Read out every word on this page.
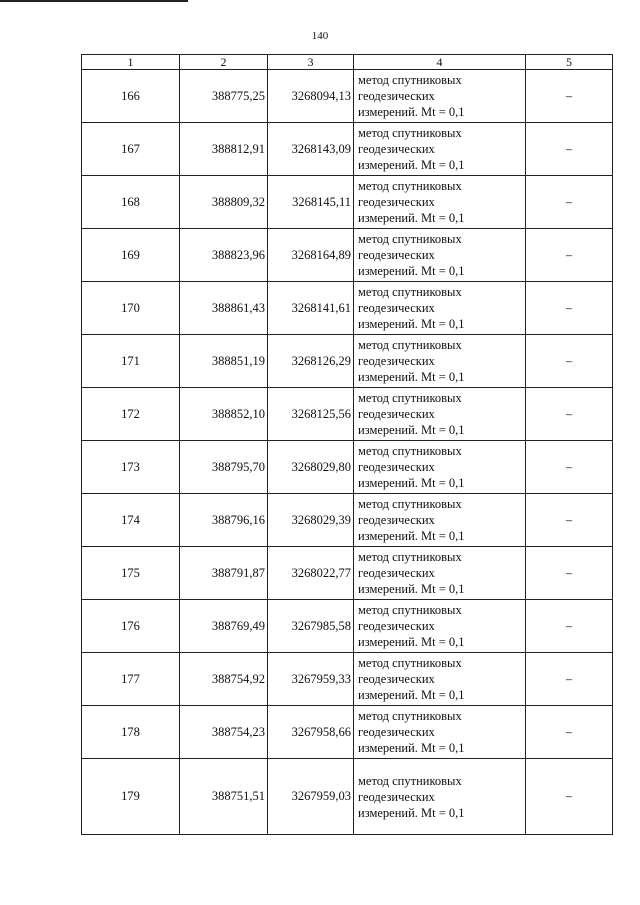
140
1	2	3	4	5
166	388775,25	3268094,13	метод спутниковых
геодезических
измерений. Mt = 0,1	–
167	388812,91	3268143,09	метод спутниковых
геодезических
измерений. Mt = 0,1	–
168	388809,32	3268145,11	метод спутниковых
геодезических
измерений. Mt = 0,1	–
169	388823,96	3268164,89	метод спутниковых
геодезических
измерений. Mt = 0,1	–
170	388861,43	3268141,61	метод спутниковых
геодезических
измерений. Mt = 0,1	–
171	388851,19	3268126,29	метод спутниковых
геодезических
измерений. Mt = 0,1	–
172	388852,10	3268125,56	метод спутниковых
геодезических
измерений. Mt = 0,1	–
173	388795,70	3268029,80	метод спутниковых
геодезических
измерений. Mt = 0,1	–
174	388796,16	3268029,39	метод спутниковых
геодезических
измерений. Mt = 0,1	–
175	388791,87	3268022,77	метод спутниковых
геодезических
измерений. Mt = 0,1	–
176	388769,49	3267985,58	метод спутниковых
геодезических
измерений. Mt = 0,1	–
177	388754,92	3267959,33	метод спутниковых
геодезических
измерений. Mt = 0,1	–
178	388754,23	3267958,66	метод спутниковых
геодезических
измерений. Mt = 0,1	–
179	388751,51	3267959,03	метод спутниковых
геодезических
измерений. Mt = 0,1	–
